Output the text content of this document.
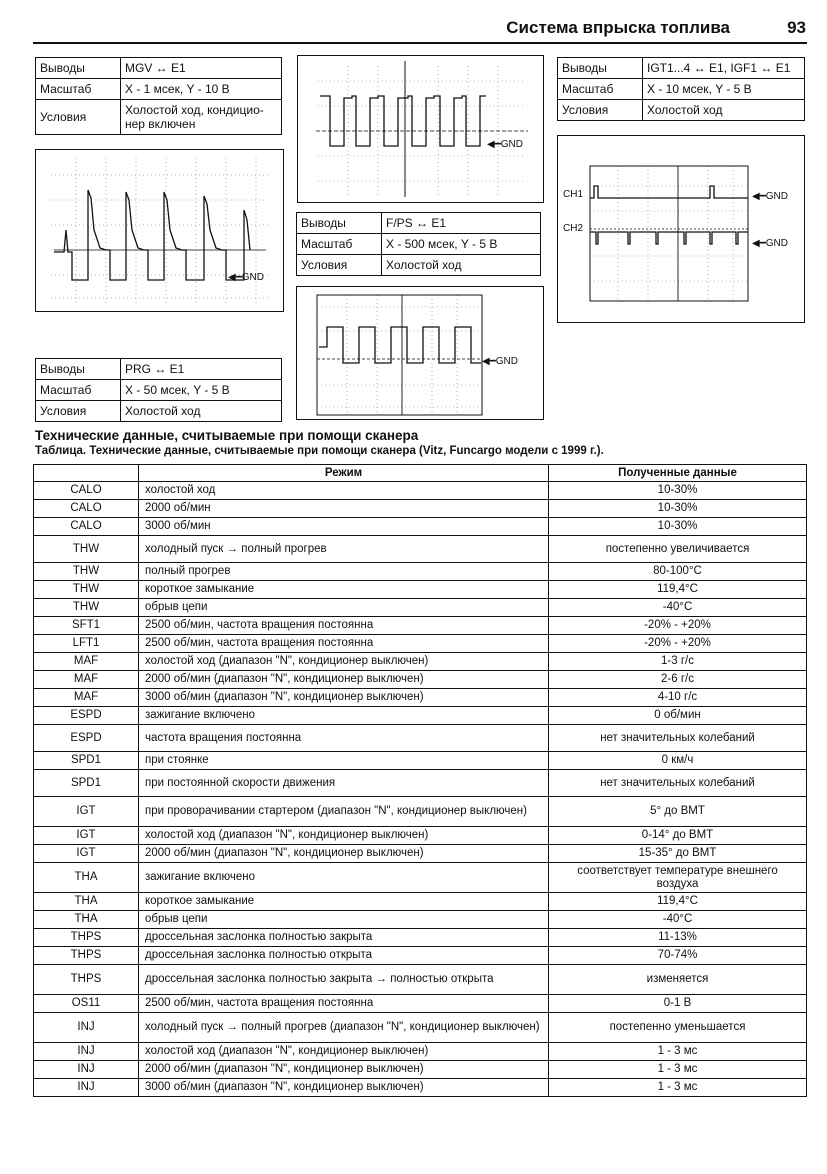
Система впрыска топлива	93
Выводы	MGV ↔ E1
Масштаб	X - 1 мсек, Y - 10 В
Условия	Холостой ход, кондицио-нер включен
Выводы	IGT1...4 ↔ E1, IGF1 ↔ E1
Масштаб	X - 10 мсек, Y - 5 В
Условия	Холостой ход
Выводы	F/PS ↔ E1
Масштаб	X - 500 мсек, Y - 5 В
Условия	Холостой ход
Выводы	PRG ↔ E1
Масштаб	X - 50 мсек, Y - 5 В
Условия	Холостой ход
◀━GND
◀━GND
CH1
CH2
◀━GND
◀━GND
◀━GND
Технические данные, считываемые при помощи сканера
Таблица. Технические данные, считываемые при помощи сканера (Vitz, Funcargo модели с 1999 г.).
	Режим	Полученные данные
CALO	холостой ход	10-30%
CALO	2000 об/мин	10-30%
CALO	3000 об/мин	10-30%
THW	холодный пуск → полный прогрев	постепенно увеличивается
THW	полный прогрев	80-100°С
THW	короткое замыкание	119,4°С
THW	обрыв цепи	-40°С
SFT1	2500 об/мин, частота вращения постоянна	-20% - +20%
LFT1	2500 об/мин, частота вращения постоянна	-20% - +20%
MAF	холостой ход (диапазон "N", кондиционер выключен)	1-3 г/с
MAF	2000 об/мин (диапазон "N", кондиционер выключен)	2-6 г/с
MAF	3000 об/мин (диапазон "N", кондиционер выключен)	4-10 г/с
ESPD	зажигание включено	0 об/мин
ESPD	частота вращения постоянна	нет значительных колебаний
SPD1	при стоянке	0 км/ч
SPD1	при постоянной скорости движения	нет значительных колебаний
IGT	при проворачивании стартером (диапазон "N", кондиционер выключен)	5° до ВМТ
IGT	холостой ход (диапазон "N", кондиционер выключен)	0-14° до ВМТ
IGT	2000 об/мин (диапазон "N", кондиционер выключен)	15-35° до ВМТ
THA	зажигание включено	соответствует температуре внешнего воздуха
THA	короткое замыкание	119,4°С
THA	обрыв цепи	-40°С
THPS	дроссельная заслонка полностью закрыта	11-13%
THPS	дроссельная заслонка полностью открыта	70-74%
THPS	дроссельная заслонка полностью закрыта → полностью открыта	изменяется
OS11	2500 об/мин, частота вращения постоянна	0-1 В
INJ	холодный пуск → полный прогрев (диапазон "N", кондиционер выключен)	постепенно уменьшается
INJ	холостой ход (диапазон "N", кондиционер выключен)	1 - 3 мс
INJ	2000 об/мин (диапазон "N", кондиционер выключен)	1 - 3 мс
INJ	3000 об/мин (диапазон "N", кондиционер выключен)	1 - 3 мс
